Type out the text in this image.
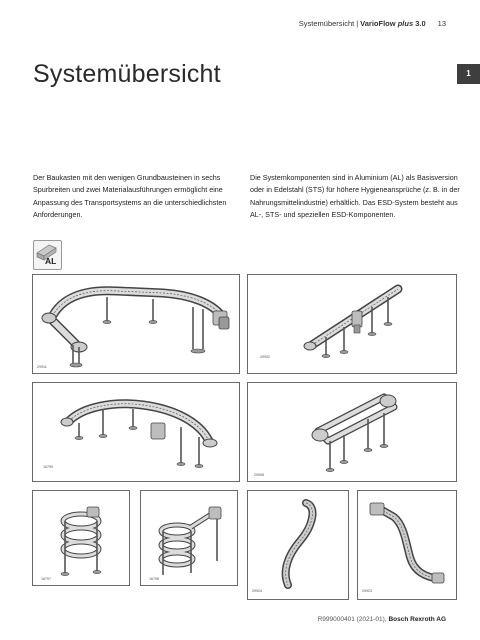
Systemübersicht | VarioFlow plus 3.0 13
Systemübersicht	1
Der Baukasten mit den wenigen Grundbausteinen in sechs Spurbreiten und zwei Materialausführungen ermöglicht eine Anpassung des Transportsystems an die unterschiedlichsten Anforderungen.
Die Systemkomponenten sind in Aluminium (AL) als Basisversion oder in Edelstahl (STS) für höhere Hygieneansprüche (z. B. in der Nahrungsmittelindustrie) erhältlich. Das ESD-System besteht aus AL-, STS- und speziellen ESD-Komponenten.
AL
29911
29902
16799
29908
16797	16798
29924	29923
R999000401 (2021-01), Bosch Rexroth AG
